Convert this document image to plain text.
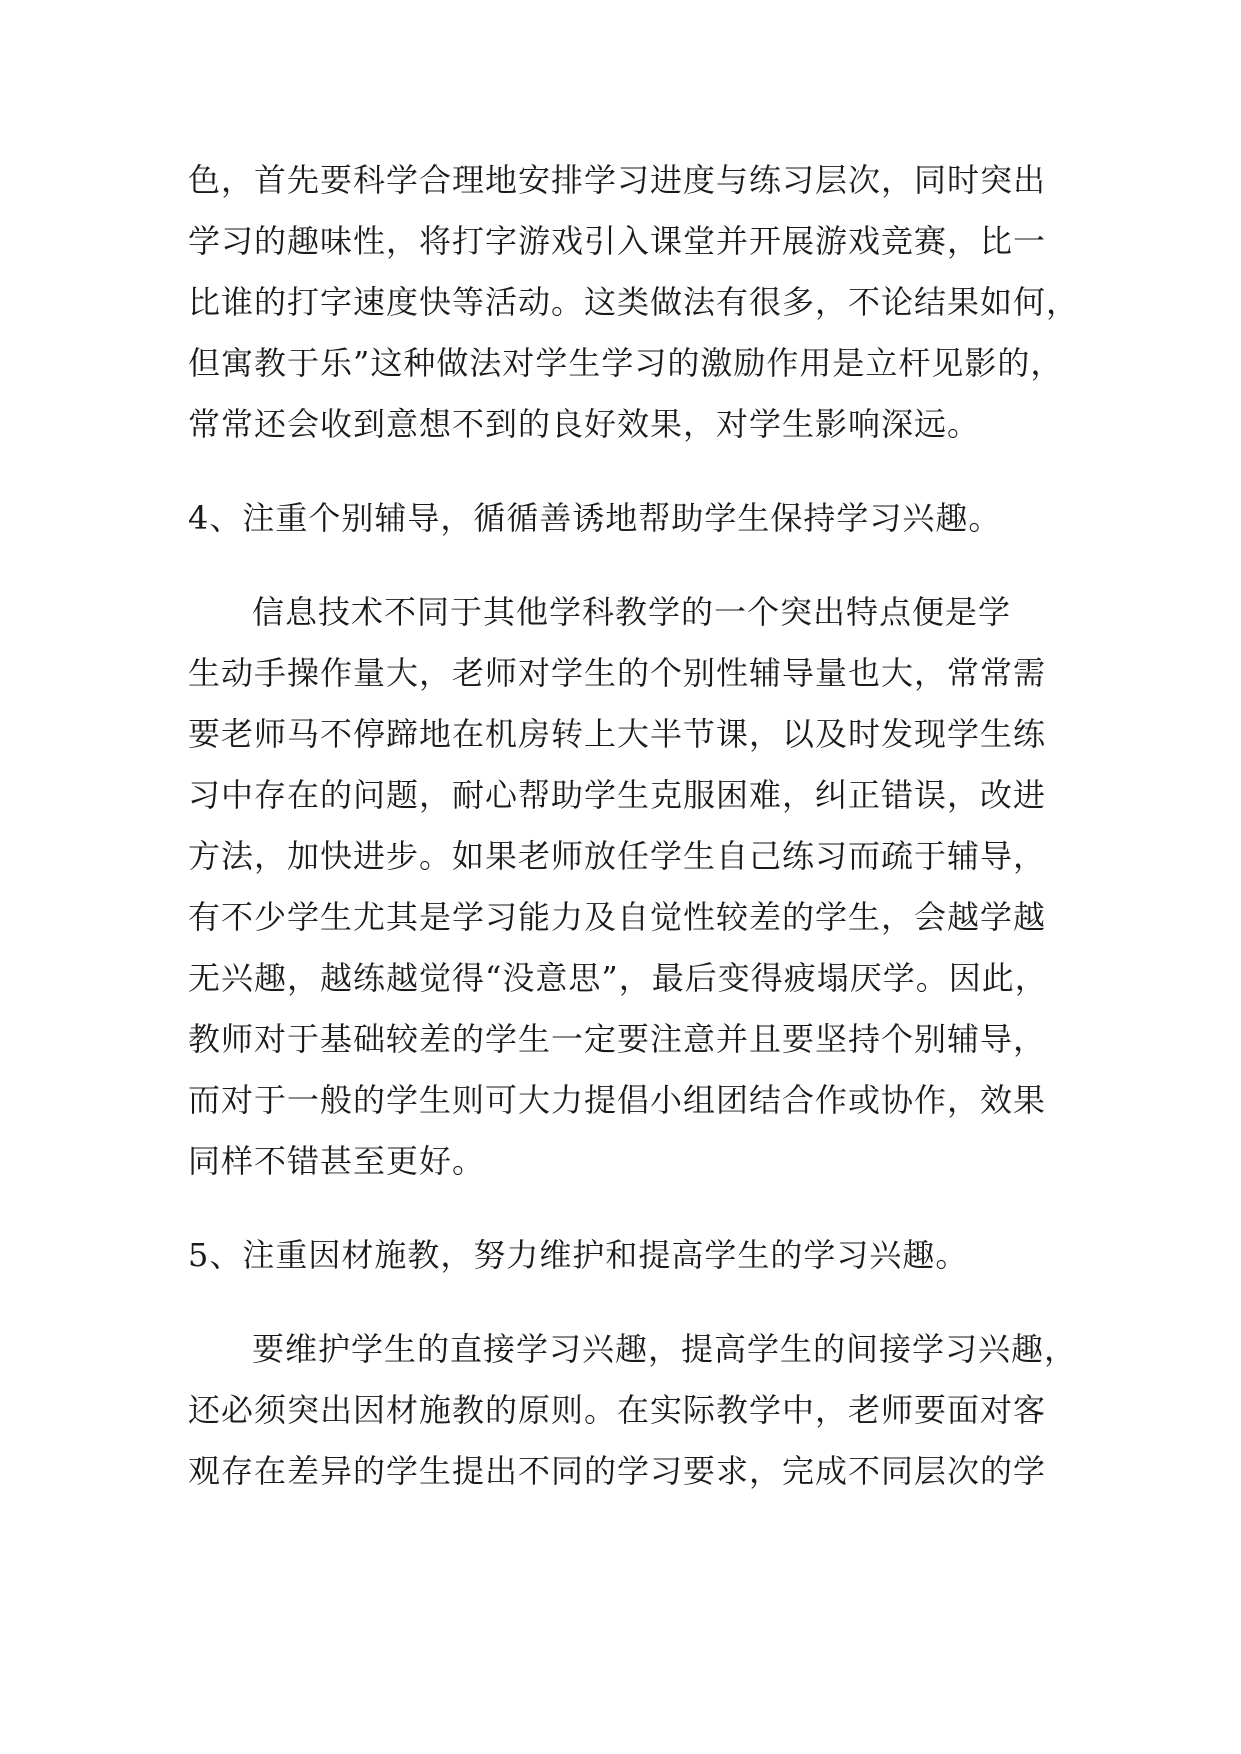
色，首先要科学合理地安排学习进度与练习层次，同时突出
学习的趣味性，将打字游戏引入课堂并开展游戏竞赛，比一
比谁的打字速度快等活动。这类做法有很多，不论结果如何，
但寓教于乐”这种做法对学生学习的激励作用是立杆见影的，
常常还会收到意想不到的良好效果，对学生影响深远。
4、注重个别辅导，循循善诱地帮助学生保持学习兴趣。
信息技术不同于其他学科教学的一个突出特点便是学
生动手操作量大，老师对学生的个别性辅导量也大，常常需
要老师马不停蹄地在机房转上大半节课，以及时发现学生练
习中存在的问题，耐心帮助学生克服困难，纠正错误，改进
方法，加快进步。如果老师放任学生自己练习而疏于辅导，
有不少学生尤其是学习能力及自觉性较差的学生，会越学越
无兴趣，越练越觉得“没意思”，最后变得疲塌厌学。因此，
教师对于基础较差的学生一定要注意并且要坚持个别辅导，
而对于一般的学生则可大力提倡小组团结合作或协作，效果
同样不错甚至更好。
5、注重因材施教，努力维护和提高学生的学习兴趣。
要维护学生的直接学习兴趣，提高学生的间接学习兴趣，
还必须突出因材施教的原则。在实际教学中，老师要面对客
观存在差异的学生提出不同的学习要求，完成不同层次的学
